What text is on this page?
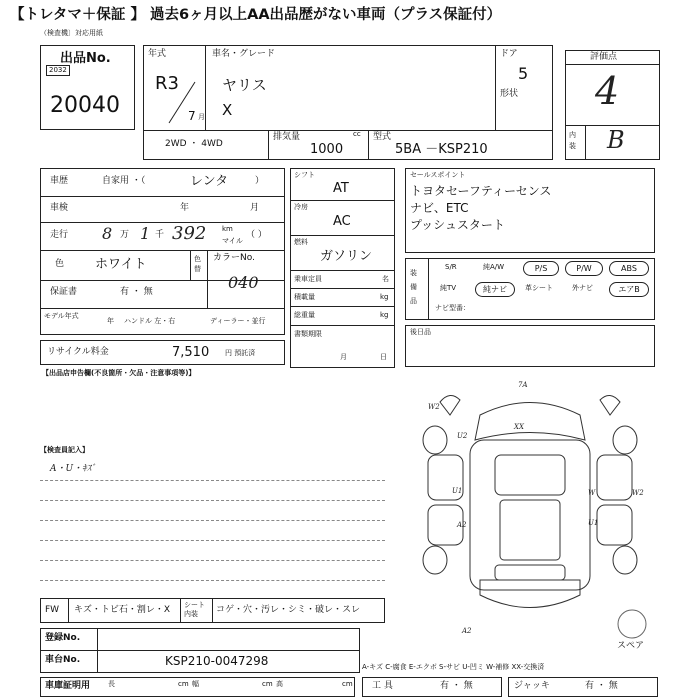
【トレタマ＋保証 】 過去6ヶ月以上AA出品歴がない車両（プラス保証付）
（検査機〕対応用紙
出品No.
2032
20040
年式
R3
7 月
車名・グレード
ヤリス
X
ドア
5
形状
2WD ・ 4WD
排気量	cc
1000
型式
5BA －KSP210
評価点
4
内装 B
車歴	自家用 ・（	レンタ	）
車検	年	月
走行 8 万 1 千 392 km
マイル
（ ）
色 ホワイト	色替
カラーNo.
040
保証書	有 ・ 無
モデル年式
年 ハンドル 左・右	ディーラー・並行
リサイクル料金	7,510 円 預託済
シフト
AT
冷房
AC
燃料
ガソリン
乗車定員	名
積載量	kg
総重量	kg
書類期限
月	日
セールスポイント
トヨタセーフティーセンス
ナビ、ETC
プッシュスタート
装備品
S/R	純A/W	P/S	P/W	ABS
純TV	純ナビ	革シート	外ナビ	エアB
ナビ型番：
後日品
【出品店申告欄(不良箇所・欠品・注意事項等)】
【検査員記入】
A・U・ｷｽﾞ
7A
XX
W2
U2
U1
A2
W
U1
W2
A2
スペア
FW キズ・トビ石・割レ・X シート内装	コゲ・穴・汚レ・シミ・破レ・スレ
登録No.
車台No.	KSP210-0047298	A-キズ C-腐食 E-エクボ S-サビ U-凹ミ W-補修 XX-交換済
車庫証明用	長	cm 幅	cm 高	cm 工 具	有 ・ 無	ジャッキ	有 ・ 無
